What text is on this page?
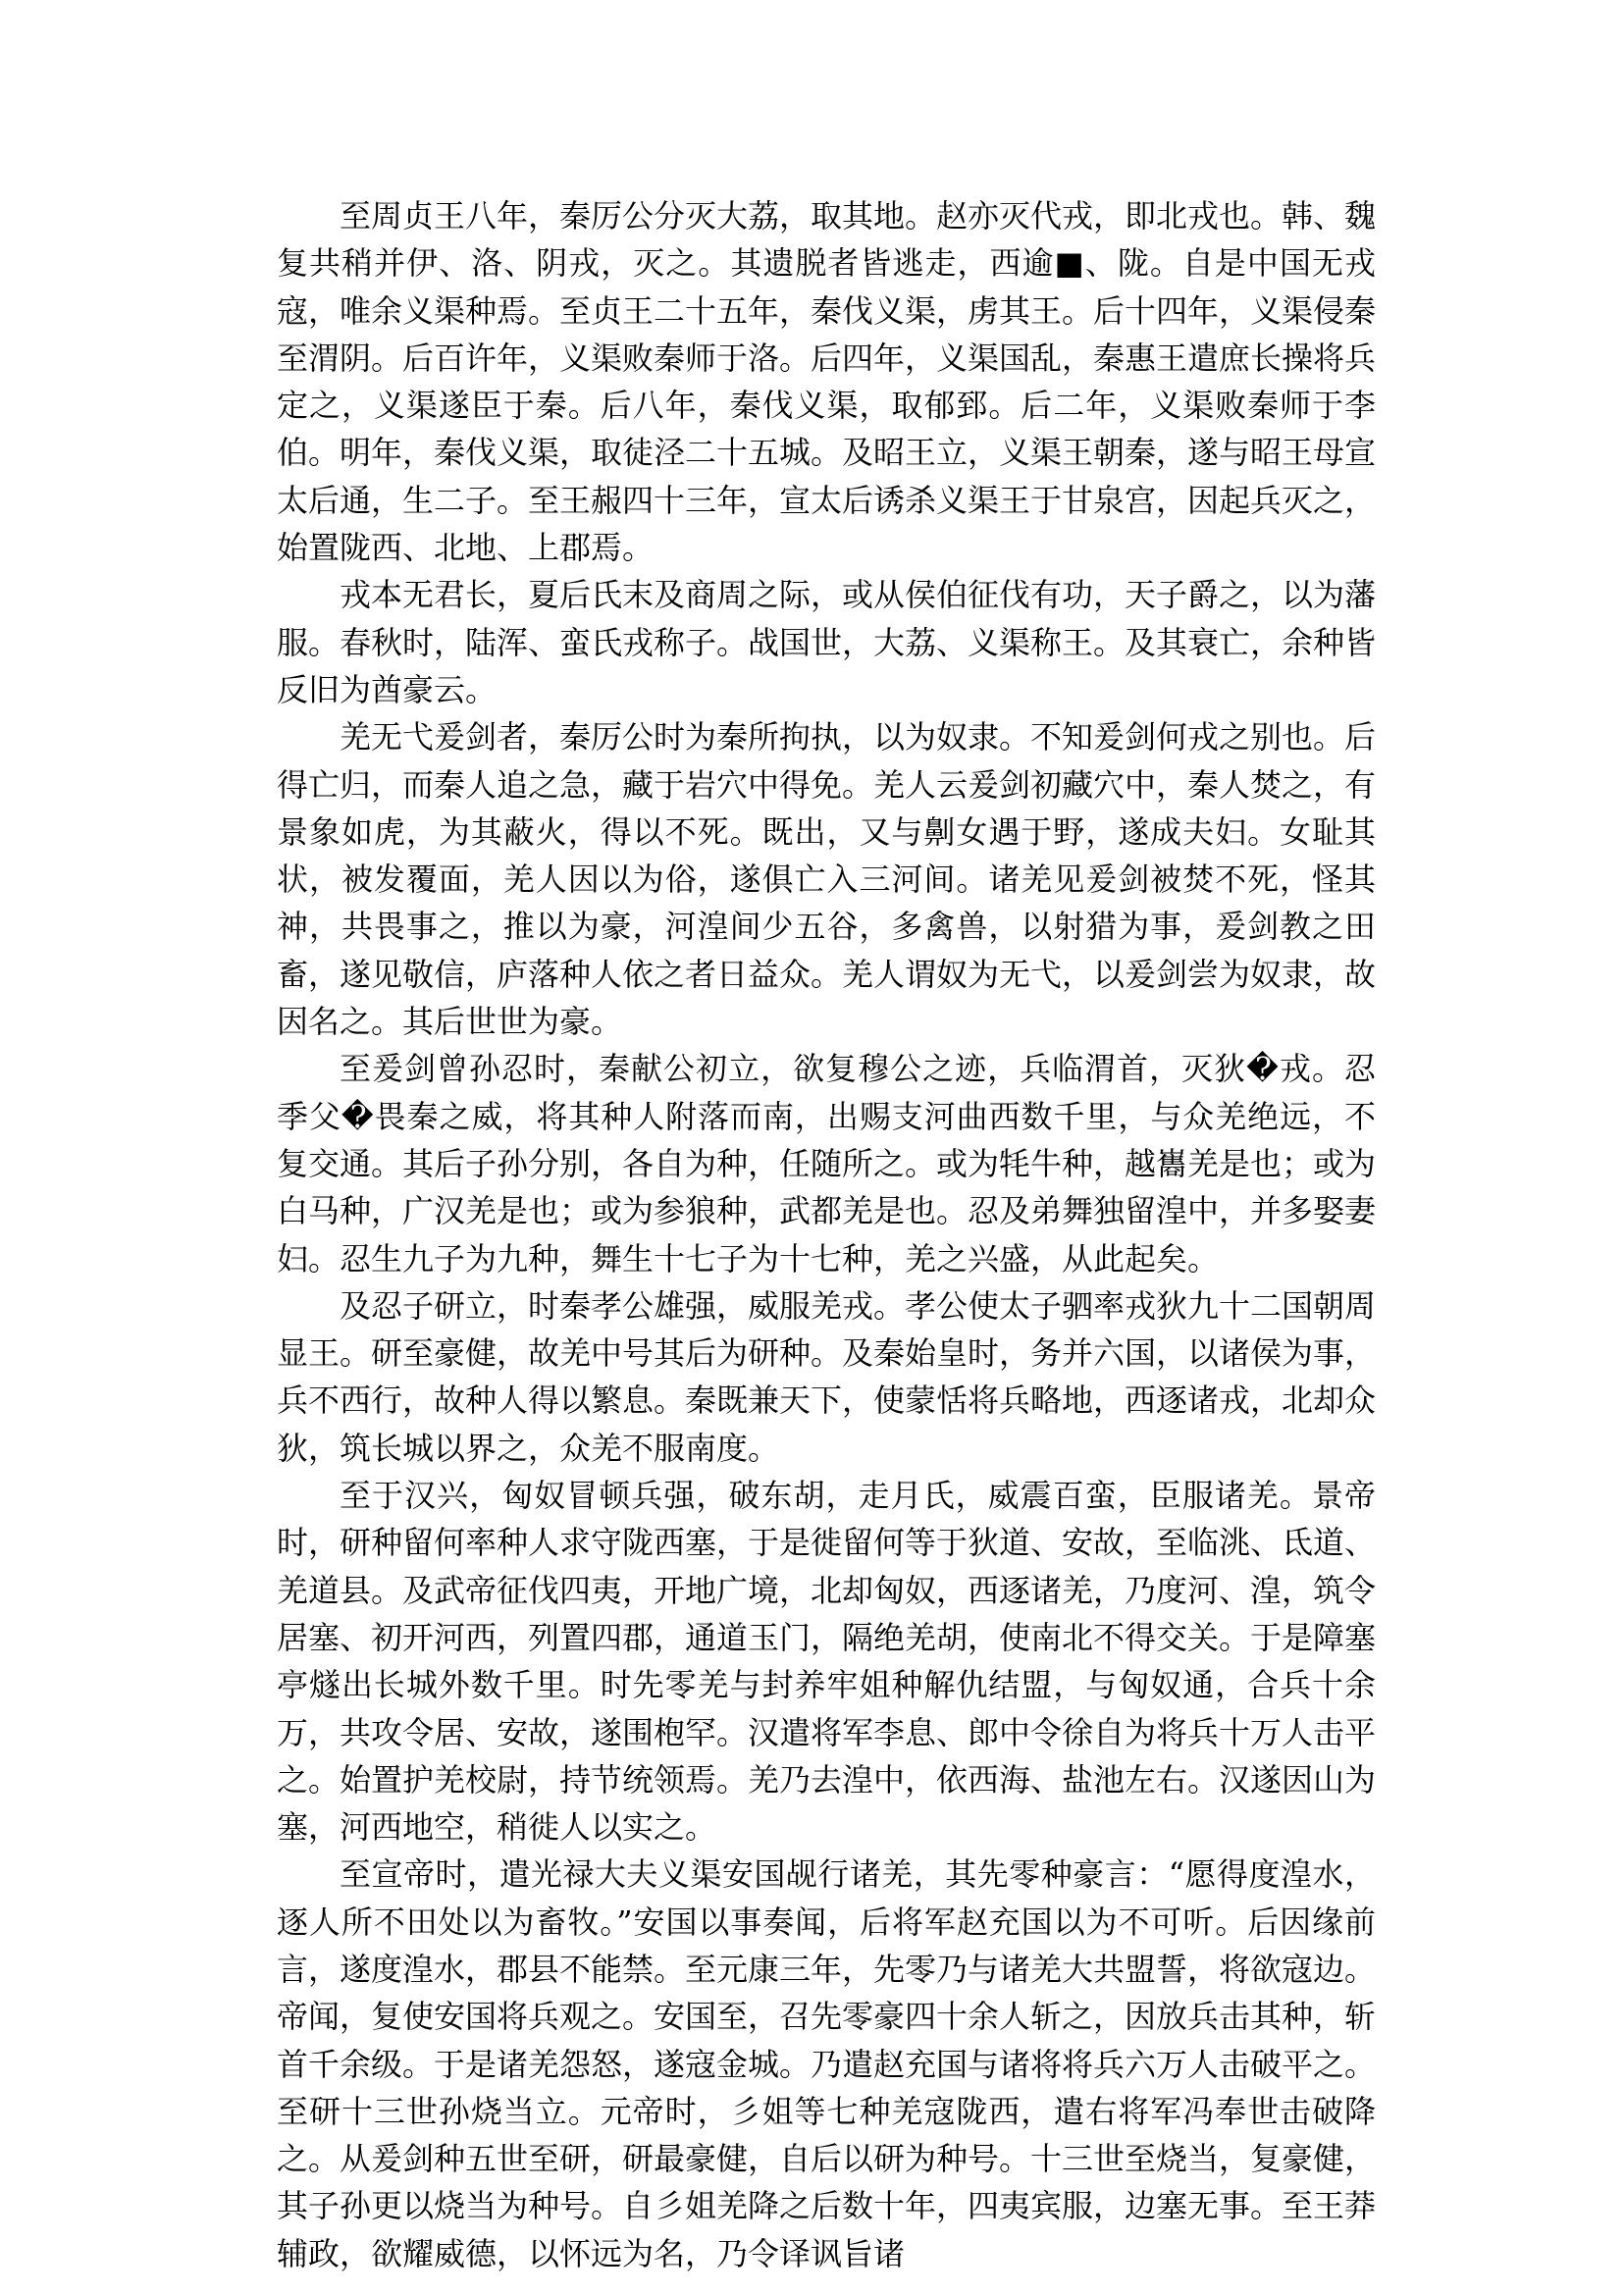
至周贞王八年，秦厉公分灭大荔，取其地。赵亦灭代戎，即北戎也。韩、魏复共稍并伊、洛、阴戎，灭之。其遗脱者皆逃走，西逾■、陇。自是中国无戎寇，唯余义渠种焉。至贞王二十五年，秦伐义渠，虏其王。后十四年，义渠侵秦至渭阴。后百许年，义渠败秦师于洛。后四年，义渠国乱，秦惠王遣庶长操将兵定之，义渠遂臣于秦。后八年，秦伐义渠，取郁郅。后二年，义渠败秦师于李伯。明年，秦伐义渠，取徒泾二十五城。及昭王立，义渠王朝秦，遂与昭王母宣太后通，生二子。至王赧四十三年，宣太后诱杀义渠王于甘泉宫，因起兵灭之，始置陇西、北地、上郡焉。

戎本无君长，夏后氏末及商周之际，或从侯伯征伐有功，天子爵之，以为藩服。春秋时，陆浑、蛮氏戎称子。战国世，大荔、义渠称王。及其衰亡，余种皆反旧为酋豪云。

羌无弋爰剑者，秦厉公时为秦所拘执，以为奴隶。不知爰剑何戎之别也。后得亡归，而秦人追之急，藏于岩穴中得免。羌人云爰剑初藏穴中，秦人焚之，有景象如虎，为其蔽火，得以不死。既出，又与劓女遇于野，遂成夫妇。女耻其状，被发覆面，羌人因以为俗，遂俱亡入三河间。诸羌见爰剑被焚不死，怪其神，共畏事之，推以为豪，河湟间少五谷，多禽兽，以射猎为事，爰剑教之田畜，遂见敬信，庐落种人依之者日益众。羌人谓奴为无弋，以爰剑尝为奴隶，故因名之。其后世世为豪。

至爰剑曾孙忍时，秦献公初立，欲复穆公之迹，兵临渭首，灭狄�戎。忍季父�畏秦之威，将其种人附落而南，出赐支河曲西数千里，与众羌绝远，不复交通。其后子孙分别，各自为种，任随所之。或为牦牛种，越巂羌是也；或为白马种，广汉羌是也；或为参狼种，武都羌是也。忍及弟舞独留湟中，并多娶妻妇。忍生九子为九种，舞生十七子为十七种，羌之兴盛，从此起矣。

及忍子研立，时秦孝公雄强，威服羌戎。孝公使太子驷率戎狄九十二国朝周显王。研至豪健，故羌中号其后为研种。及秦始皇时，务并六国，以诸侯为事，兵不西行，故种人得以繁息。秦既兼天下，使蒙恬将兵略地，西逐诸戎，北却众狄，筑长城以界之，众羌不服南度。

至于汉兴，匈奴冒顿兵强，破东胡，走月氏，威震百蛮，臣服诸羌。景帝时，研种留何率种人求守陇西塞，于是徙留何等于狄道、安故，至临洮、氐道、羌道县。及武帝征伐四夷，开地广境，北却匈奴，西逐诸羌，乃度河、湟，筑令居塞、初开河西，列置四郡，通道玉门，隔绝羌胡，使南北不得交关。于是障塞亭燧出长城外数千里。时先零羌与封养牢姐种解仇结盟，与匈奴通，合兵十余万，共攻令居、安故，遂围枹罕。汉遣将军李息、郎中令徐自为将兵十万人击平之。始置护羌校尉，持节统领焉。羌乃去湟中，依西海、盐池左右。汉遂因山为塞，河西地空，稍徙人以实之。

至宣帝时，遣光禄大夫义渠安国觇行诸羌，其先零种豪言：“愿得度湟水，逐人所不田处以为畜牧。”安国以事奏闻，后将军赵充国以为不可听。后因缘前言，遂度湟水，郡县不能禁。至元康三年，先零乃与诸羌大共盟誓，将欲寇边。帝闻，复使安国将兵观之。安国至，召先零豪四十余人斩之，因放兵击其种，斩首千余级。于是诸羌怨怒，遂寇金城。乃遣赵充国与诸将将兵六万人击破平之。至研十三世孙烧当立。元帝时，彡姐等七种羌寇陇西，遣右将军冯奉世击破降之。从爰剑种五世至研，研最豪健，自后以研为种号。十三世至烧当，复豪健，其子孙更以烧当为种号。自彡姐羌降之后数十年，四夷宾服，边塞无事。至王莽辅政，欲耀威德，以怀远为名，乃令译讽旨诸
